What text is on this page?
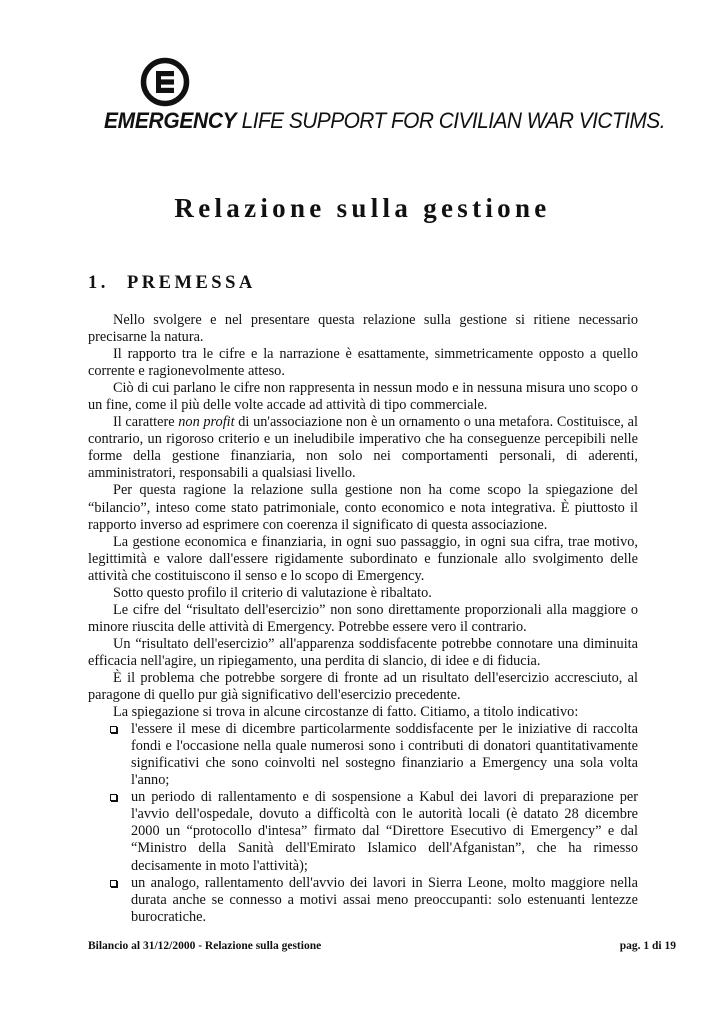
EMERGENCY LIFE SUPPORT FOR CIVILIAN WAR VICTIMS.
Relazione sulla gestione
1. PREMESSA

Nello svolgere e nel presentare questa relazione sulla gestione si ritiene necessario precisarne la natura.

Il rapporto tra le cifre e la narrazione è esattamente, simmetricamente opposto a quello corrente e ragionevolmente atteso.

Ciò di cui parlano le cifre non rappresenta in nessun modo e in nessuna misura uno scopo o un fine, come il più delle volte accade ad attività di tipo commerciale.

Il carattere non profit di un'associazione non è un ornamento o una metafora. Costituisce, al contrario, un rigoroso criterio e un ineludibile imperativo che ha conseguenze percepibili nelle forme della gestione finanziaria, non solo nei comportamenti personali, di aderenti, amministratori, responsabili a qualsiasi livello.

Per questa ragione la relazione sulla gestione non ha come scopo la spiegazione del “bilancio”, inteso come stato patrimoniale, conto economico e nota integrativa. È piuttosto il rapporto inverso ad esprimere con coerenza il significato di questa associazione.

La gestione economica e finanziaria, in ogni suo passaggio, in ogni sua cifra, trae motivo, legittimità e valore dall'essere rigidamente subordinato e funzionale allo svolgimento delle attività che costituiscono il senso e lo scopo di Emergency.

Sotto questo profilo il criterio di valutazione è ribaltato.

Le cifre del “risultato dell'esercizio” non sono direttamente proporzionali alla maggiore o minore riuscita delle attività di Emergency. Potrebbe essere vero il contrario.

Un “risultato dell'esercizio” all'apparenza soddisfacente potrebbe connotare una diminuita efficacia nell'agire, un ripiegamento, una perdita di slancio, di idee e di fiducia.

È il problema che potrebbe sorgere di fronte ad un risultato dell'esercizio accresciuto, al paragone di quello pur già significativo dell'esercizio precedente.

La spiegazione si trova in alcune circostanze di fatto. Citiamo, a titolo indicativo:

l'essere il mese di dicembre particolarmente soddisfacente per le iniziative di raccolta fondi e l'occasione nella quale numerosi sono i contributi di donatori quantitativamente significativi che sono coinvolti nel sostegno finanziario a Emergency una sola volta l'anno;
un periodo di rallentamento e di sospensione a Kabul dei lavori di preparazione per l'avvio dell'ospedale, dovuto a difficoltà con le autorità locali (è datato 28 dicembre 2000 un “protocollo d'intesa” firmato dal “Direttore Esecutivo di Emergency” e dal “Ministro della Sanità dell'Emirato Islamico dell'Afganistan”, che ha rimesso decisamente in moto l'attività);
un analogo, rallentamento dell'avvio dei lavori in Sierra Leone, molto maggiore nella durata anche se connesso a motivi assai meno preoccupanti: solo estenuanti lentezze burocratiche.
Bilancio al 31/12/2000 - Relazione sulla gestione	pag. 1 di 19
